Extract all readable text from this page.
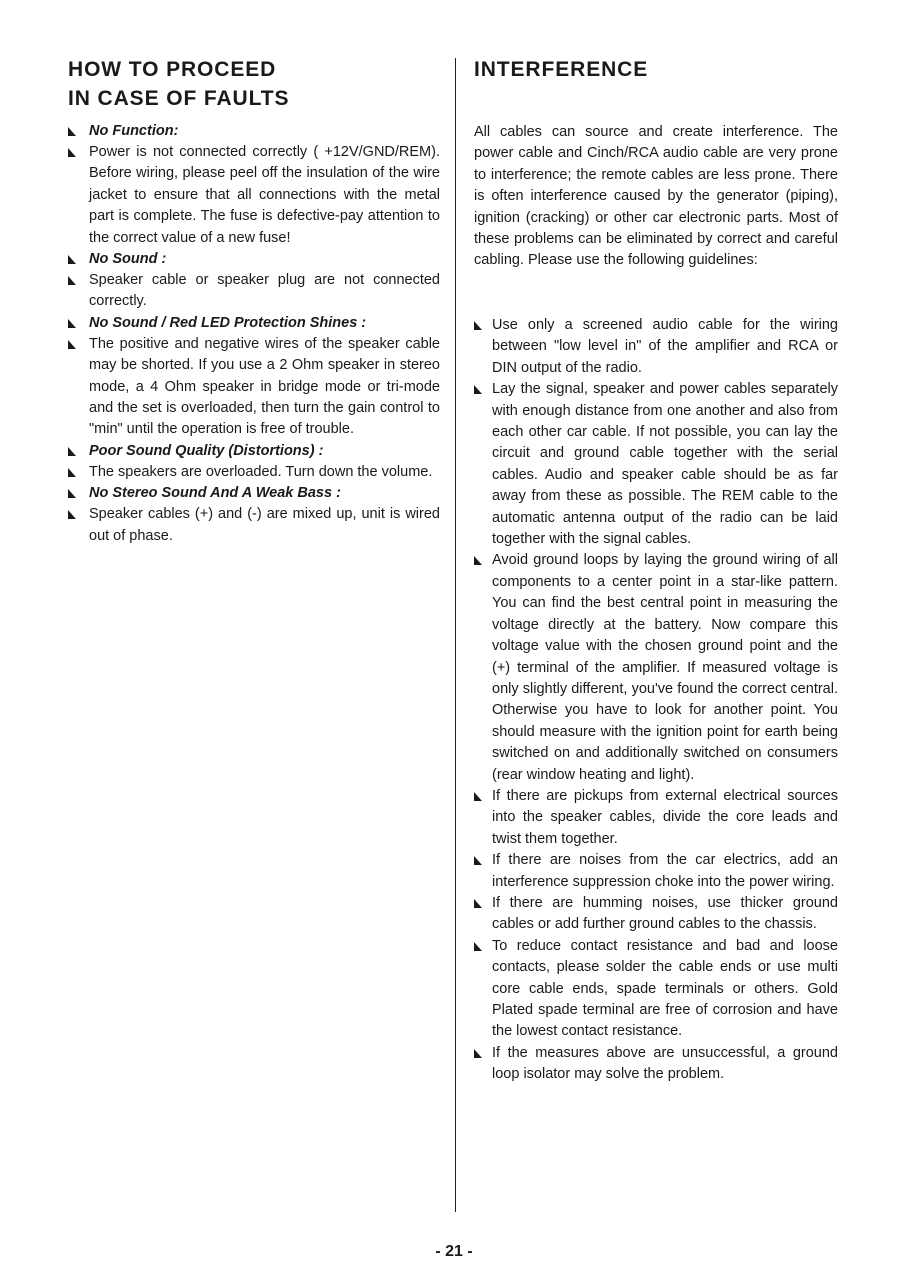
HOW TO PROCEED
IN CASE OF FAULTS
No Function:
Power is not connected correctly ( +12V/GND/REM). Before wiring, please peel off the insulation of the wire jacket to ensure that all connections with the metal part is complete. The fuse is defective-pay attention to the correct value of a new fuse!
No Sound :
Speaker cable or speaker plug are not connected correctly.
No Sound / Red LED Protection Shines :
The positive and negative wires of the speaker cable may be shorted. If you use a 2 Ohm speaker in stereo mode, a 4 Ohm speaker in bridge mode or tri-mode and the set is overloaded, then turn the gain control to "min" until the operation is free of trouble.
Poor Sound Quality (Distortions) :
The speakers are overloaded. Turn down the volume.
No Stereo Sound And A Weak Bass :
Speaker cables (+) and (-) are mixed up, unit is wired out of phase.
INTERFERENCE

All cables can source and create interference. The power cable and Cinch/RCA audio cable are very prone to interference; the remote cables are less prone. There is often interference caused by the generator (piping), ignition (cracking) or other car electronic parts. Most of these problems can be eliminated by correct and careful cabling. Please use the following guidelines:

Use only a screened audio cable for the wiring between "low level in" of the amplifier and RCA or DIN output of the radio.
Lay the signal, speaker and power cables separately with enough distance from one another and also from each other car cable. If not possible, you can lay the circuit and ground cable together with the serial cables. Audio and speaker cable should be as far away from these as possible. The REM cable to the automatic antenna output of the radio can be laid together with the signal cables.
Avoid ground loops by laying the ground wiring of all components to a center point in a star-like pattern. You can find the best central point in measuring the voltage directly at the battery. Now compare this voltage value with the chosen ground point and the (+) terminal of the amplifier. If measured voltage is only slightly different, you've found the correct central. Otherwise you have to look for another point. You should measure with the ignition point for earth being switched on and additionally switched on consumers (rear window heating and light).
If there are pickups from external electrical sources into the speaker cables, divide the core leads and twist them together.
If there are noises from the car electrics, add an interference suppression choke into the power wiring.
If there are humming noises, use thicker ground cables or add further ground cables to the chassis.
To reduce contact resistance and bad and loose contacts, please solder the cable ends or use multi core cable ends, spade terminals or others. Gold Plated spade terminal are free of corrosion and have the lowest contact resistance.
If the measures above are unsuccessful, a ground loop isolator may solve the problem.
- 21 -
